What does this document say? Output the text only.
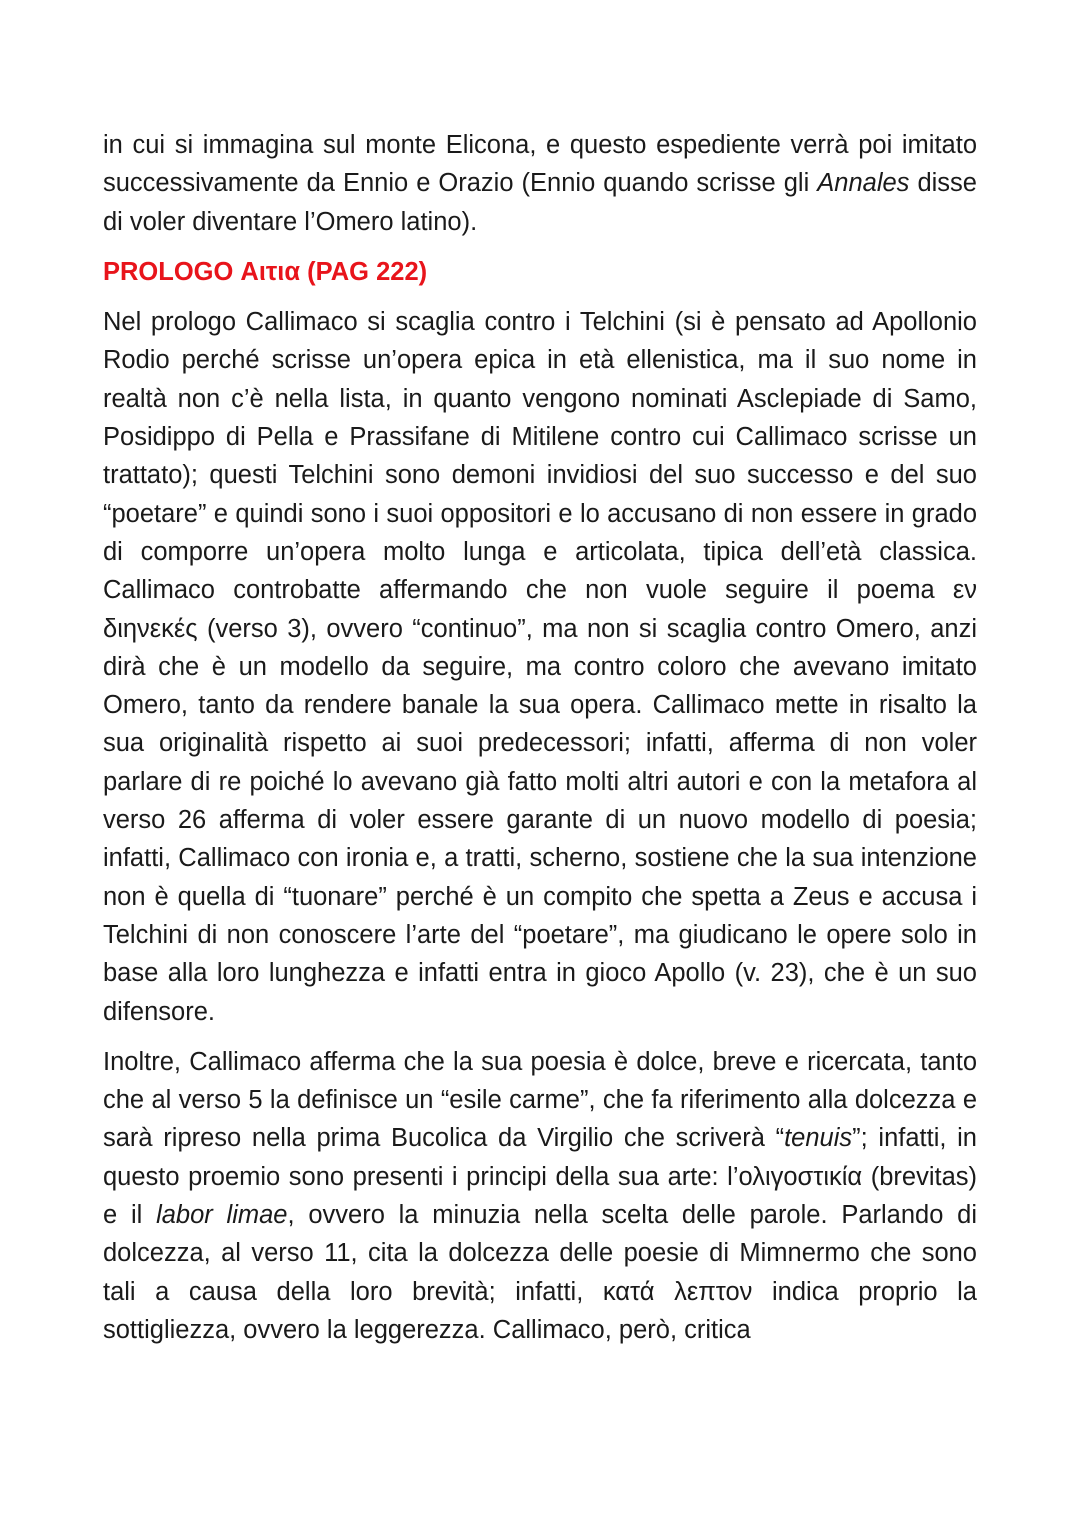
in cui si immagina sul monte Elicona, e questo espediente verrà poi imitato successivamente da Ennio e Orazio (Ennio quando scrisse gli Annales disse di voler diventare l’Omero latino).

PROLOGO Αιτια (PAG 222)

Nel prologo Callimaco si scaglia contro i Telchini (si è pensato ad Apollonio Rodio perché scrisse un’opera epica in età ellenistica, ma il suo nome in realtà non c’è nella lista, in quanto vengono nominati Asclepiade di Samo, Posidippo di Pella e Prassifane di Mitilene contro cui Callimaco scrisse un trattato); questi Telchini sono demoni invidiosi del suo successo e del suo “poetare” e quindi sono i suoi oppositori e lo accusano di non essere in grado di comporre un’opera molto lunga e articolata, tipica dell’età classica. Callimaco controbatte affermando che non vuole seguire il poema εν διηνεκές (verso 3), ovvero “continuo”, ma non si scaglia contro Omero, anzi dirà che è un modello da seguire, ma contro coloro che avevano imitato Omero, tanto da rendere banale la sua opera. Callimaco mette in risalto la sua originalità rispetto ai suoi predecessori; infatti, afferma di non voler parlare di re poiché lo avevano già fatto molti altri autori e con la metafora al verso 26 afferma di voler essere garante di un nuovo modello di poesia; infatti, Callimaco con ironia e, a tratti, scherno, sostiene che la sua intenzione non è quella di “tuonare” perché è un compito che spetta a Zeus e accusa i Telchini di non conoscere l’arte del “poetare”, ma giudicano le opere solo in base alla loro lunghezza e infatti entra in gioco Apollo (v. 23), che è un suo difensore.

Inoltre, Callimaco afferma che la sua poesia è dolce, breve e ricercata, tanto che al verso 5 la definisce un “esile carme”, che fa riferimento alla dolcezza e sarà ripreso nella prima Bucolica da Virgilio che scriverà “tenuis”; infatti, in questo proemio sono presenti i principi della sua arte: l’ολιγοστικία (brevitas) e il labor limae, ovvero la minuzia nella scelta delle parole. Parlando di dolcezza, al verso 11, cita la dolcezza delle poesie di Mimnermo che sono tali a causa della loro brevità; infatti, κατά λεπτον indica proprio la sottigliezza, ovvero la leggerezza. Callimaco, però, critica
